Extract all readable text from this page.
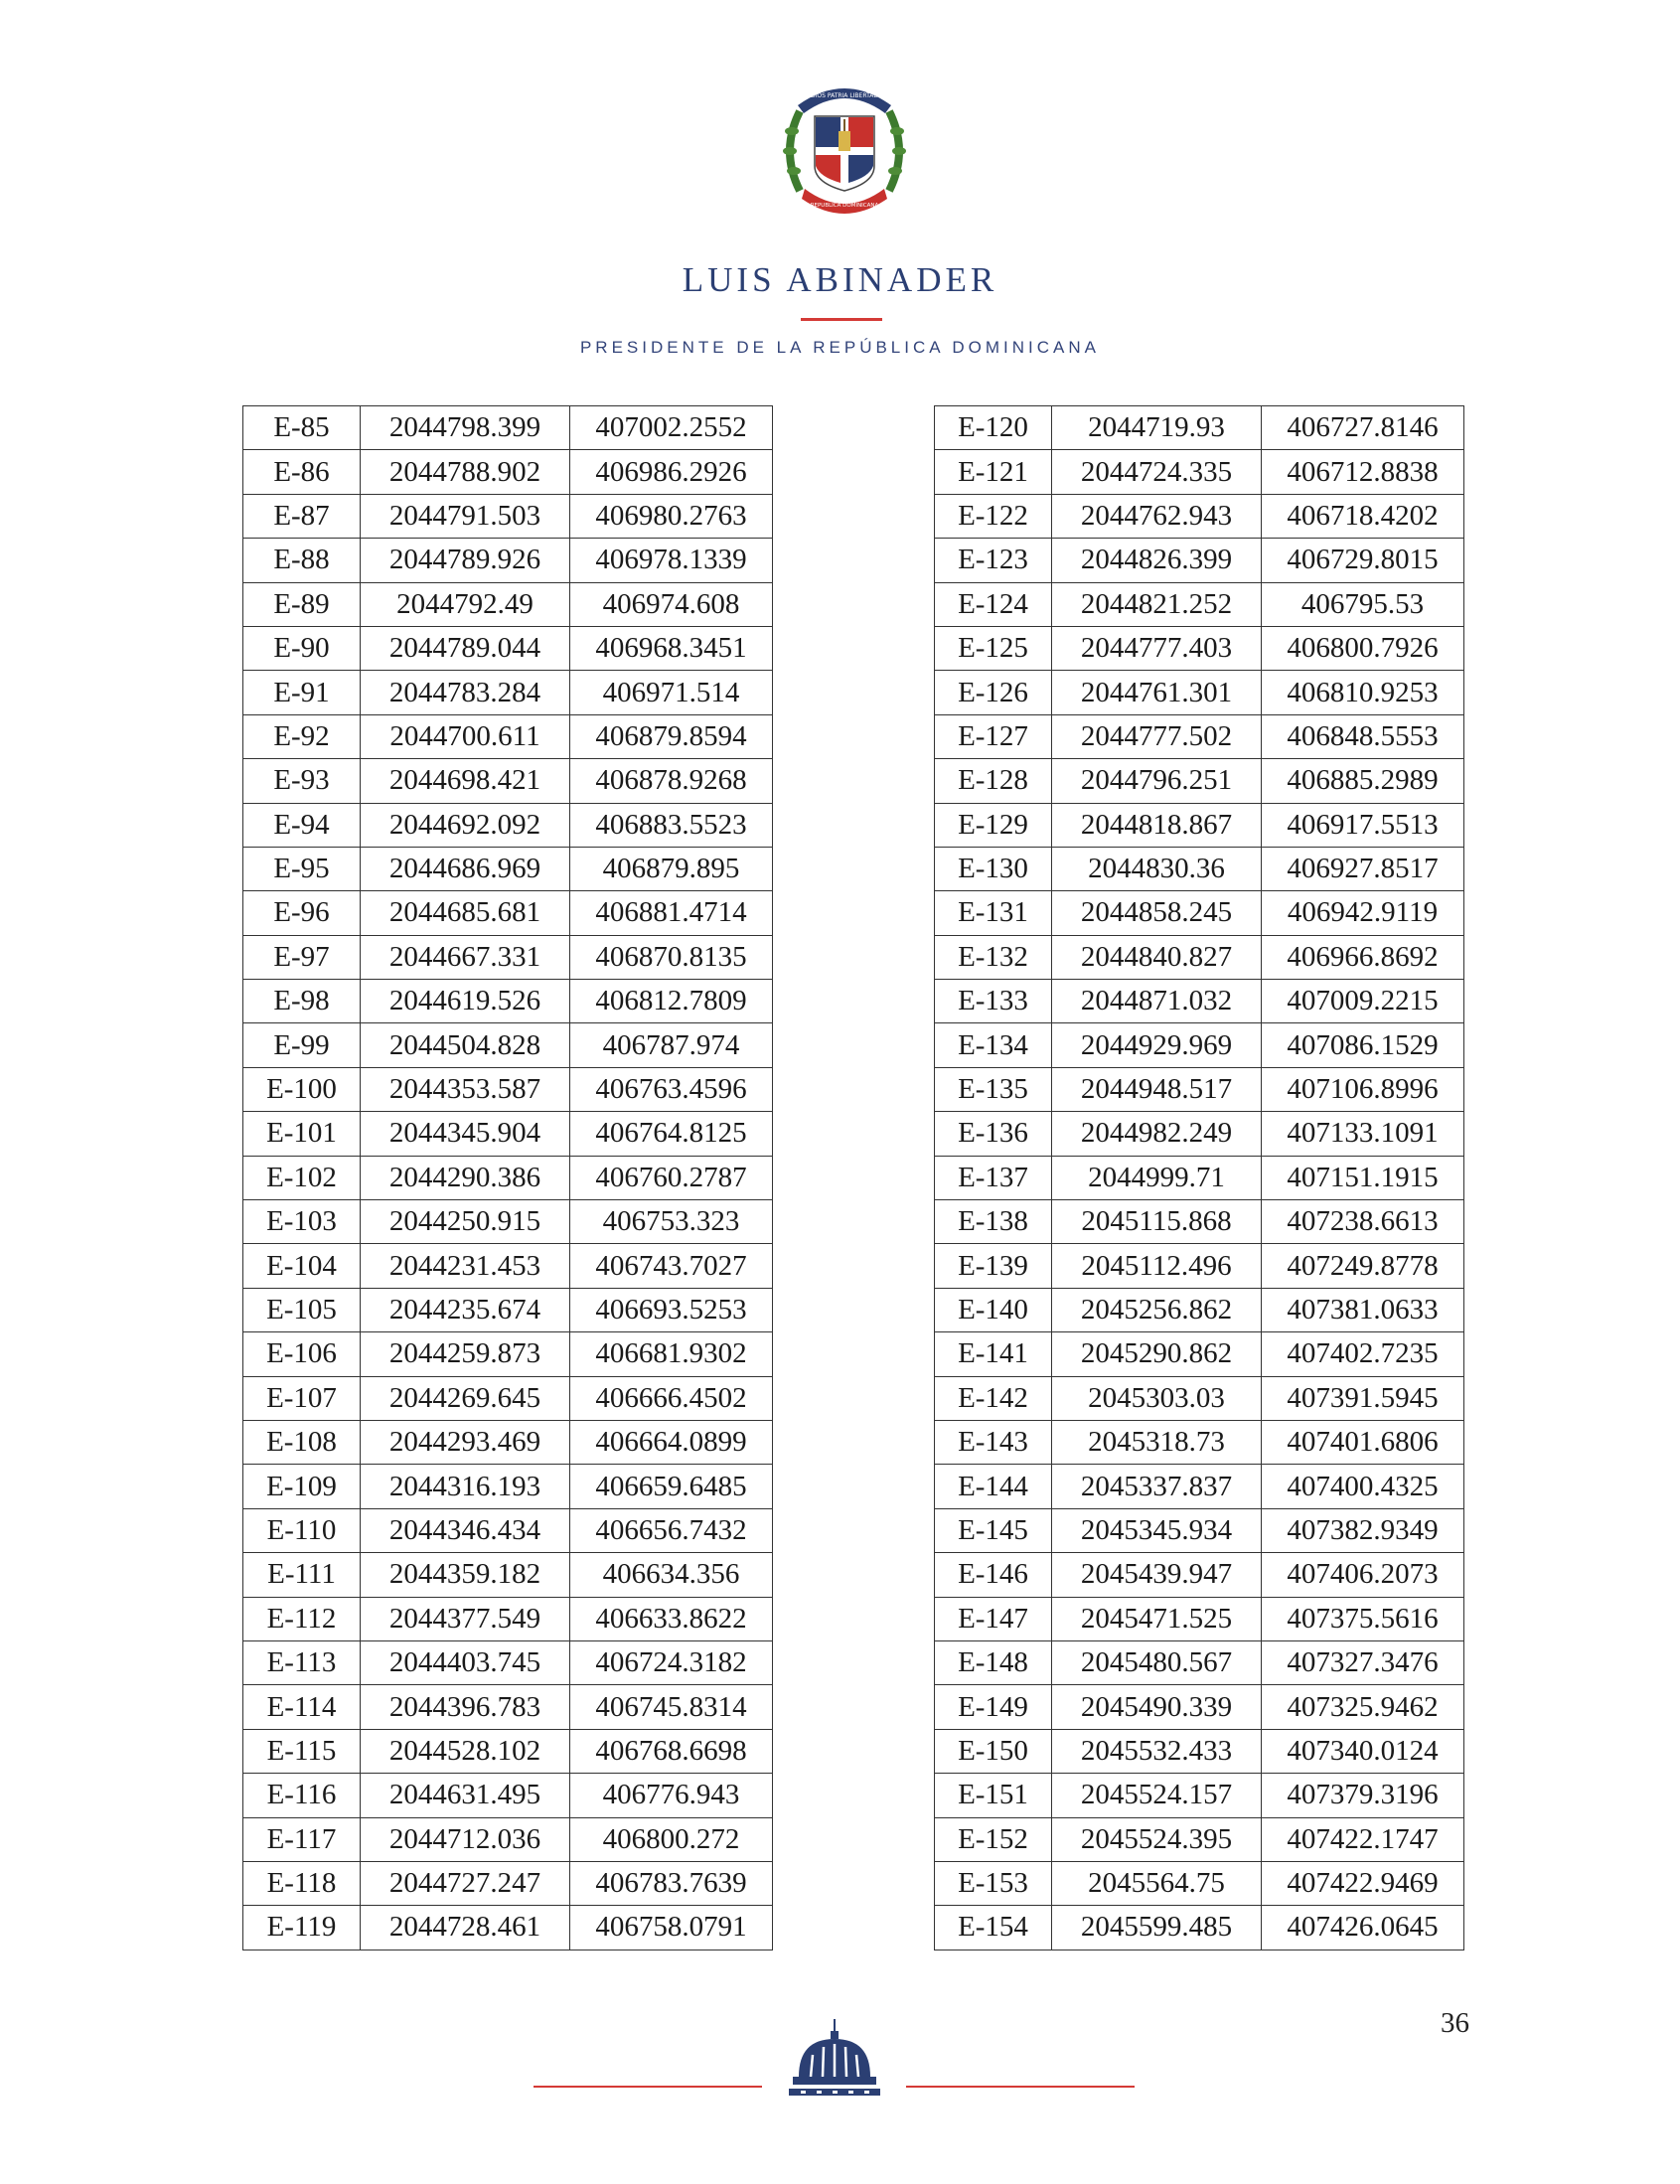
DIOS PATRIA LIBERTAD
REPUBLICA DOMINICANA
LUIS ABINADER
PRESIDENTE DE LA REPÚBLICA DOMINICANA
E-85	2044798.399	407002.2552
E-86	2044788.902	406986.2926
E-87	2044791.503	406980.2763
E-88	2044789.926	406978.1339
E-89	2044792.49	406974.608
E-90	2044789.044	406968.3451
E-91	2044783.284	406971.514
E-92	2044700.611	406879.8594
E-93	2044698.421	406878.9268
E-94	2044692.092	406883.5523
E-95	2044686.969	406879.895
E-96	2044685.681	406881.4714
E-97	2044667.331	406870.8135
E-98	2044619.526	406812.7809
E-99	2044504.828	406787.974
E-100	2044353.587	406763.4596
E-101	2044345.904	406764.8125
E-102	2044290.386	406760.2787
E-103	2044250.915	406753.323
E-104	2044231.453	406743.7027
E-105	2044235.674	406693.5253
E-106	2044259.873	406681.9302
E-107	2044269.645	406666.4502
E-108	2044293.469	406664.0899
E-109	2044316.193	406659.6485
E-110	2044346.434	406656.7432
E-111	2044359.182	406634.356
E-112	2044377.549	406633.8622
E-113	2044403.745	406724.3182
E-114	2044396.783	406745.8314
E-115	2044528.102	406768.6698
E-116	2044631.495	406776.943
E-117	2044712.036	406800.272
E-118	2044727.247	406783.7639
E-119	2044728.461	406758.0791
E-120	2044719.93	406727.8146
E-121	2044724.335	406712.8838
E-122	2044762.943	406718.4202
E-123	2044826.399	406729.8015
E-124	2044821.252	406795.53
E-125	2044777.403	406800.7926
E-126	2044761.301	406810.9253
E-127	2044777.502	406848.5553
E-128	2044796.251	406885.2989
E-129	2044818.867	406917.5513
E-130	2044830.36	406927.8517
E-131	2044858.245	406942.9119
E-132	2044840.827	406966.8692
E-133	2044871.032	407009.2215
E-134	2044929.969	407086.1529
E-135	2044948.517	407106.8996
E-136	2044982.249	407133.1091
E-137	2044999.71	407151.1915
E-138	2045115.868	407238.6613
E-139	2045112.496	407249.8778
E-140	2045256.862	407381.0633
E-141	2045290.862	407402.7235
E-142	2045303.03	407391.5945
E-143	2045318.73	407401.6806
E-144	2045337.837	407400.4325
E-145	2045345.934	407382.9349
E-146	2045439.947	407406.2073
E-147	2045471.525	407375.5616
E-148	2045480.567	407327.3476
E-149	2045490.339	407325.9462
E-150	2045532.433	407340.0124
E-151	2045524.157	407379.3196
E-152	2045524.395	407422.1747
E-153	2045564.75	407422.9469
E-154	2045599.485	407426.0645
36
